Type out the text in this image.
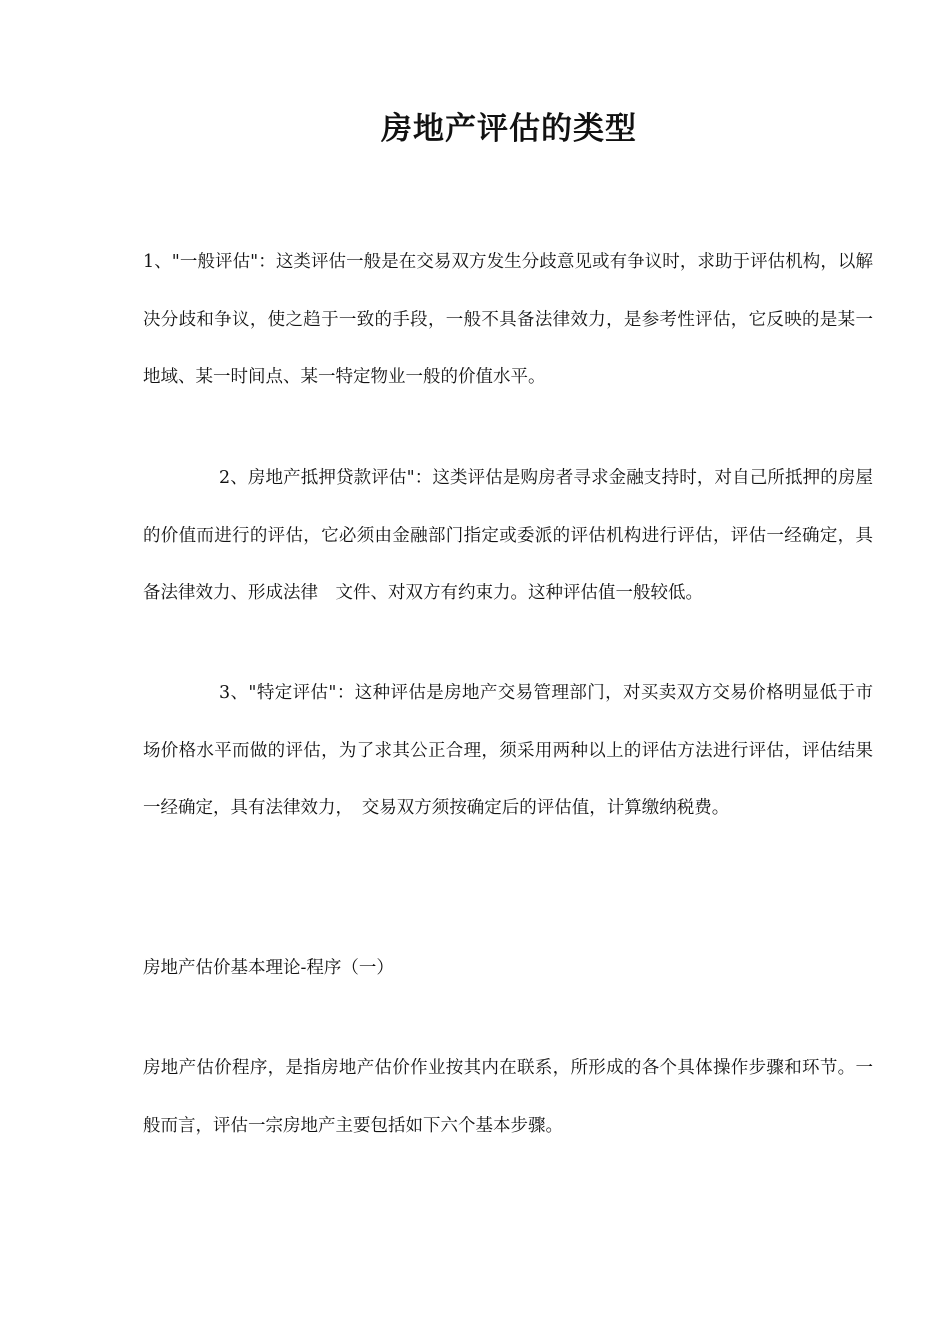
房地产评估的类型
1、"一般评估"：这类评估一般是在交易双方发生分歧意见或有争议时，求助于评估机构，以解决分歧和争议，使之趋于一致的手段，一般不具备法律效力，是参考性评估，它反映的是某一地域、某一时间点、某一特定物业一般的价值水平。
2、房地产抵押贷款评估"：这类评估是购房者寻求金融支持时，对自己所抵押的房屋的价值而进行的评估，它必须由金融部门指定或委派的评估机构进行评估，评估一经确定，具备法律效力、形成法律　文件、对双方有约束力。这种评估值一般较低。
3、"特定评估"：这种评估是房地产交易管理部门，对买卖双方交易价格明显低于市场价格水平而做的评估，为了求其公正合理，须采用两种以上的评估方法进行评估，评估结果一经确定，具有法律效力，　交易双方须按确定后的评估值，计算缴纳税费。
房地产估价基本理论-程序（一）
房地产估价程序，是指房地产估价作业按其内在联系，所形成的各个具体操作步骤和环节。一般而言，评估一宗房地产主要包括如下六个基本步骤。
